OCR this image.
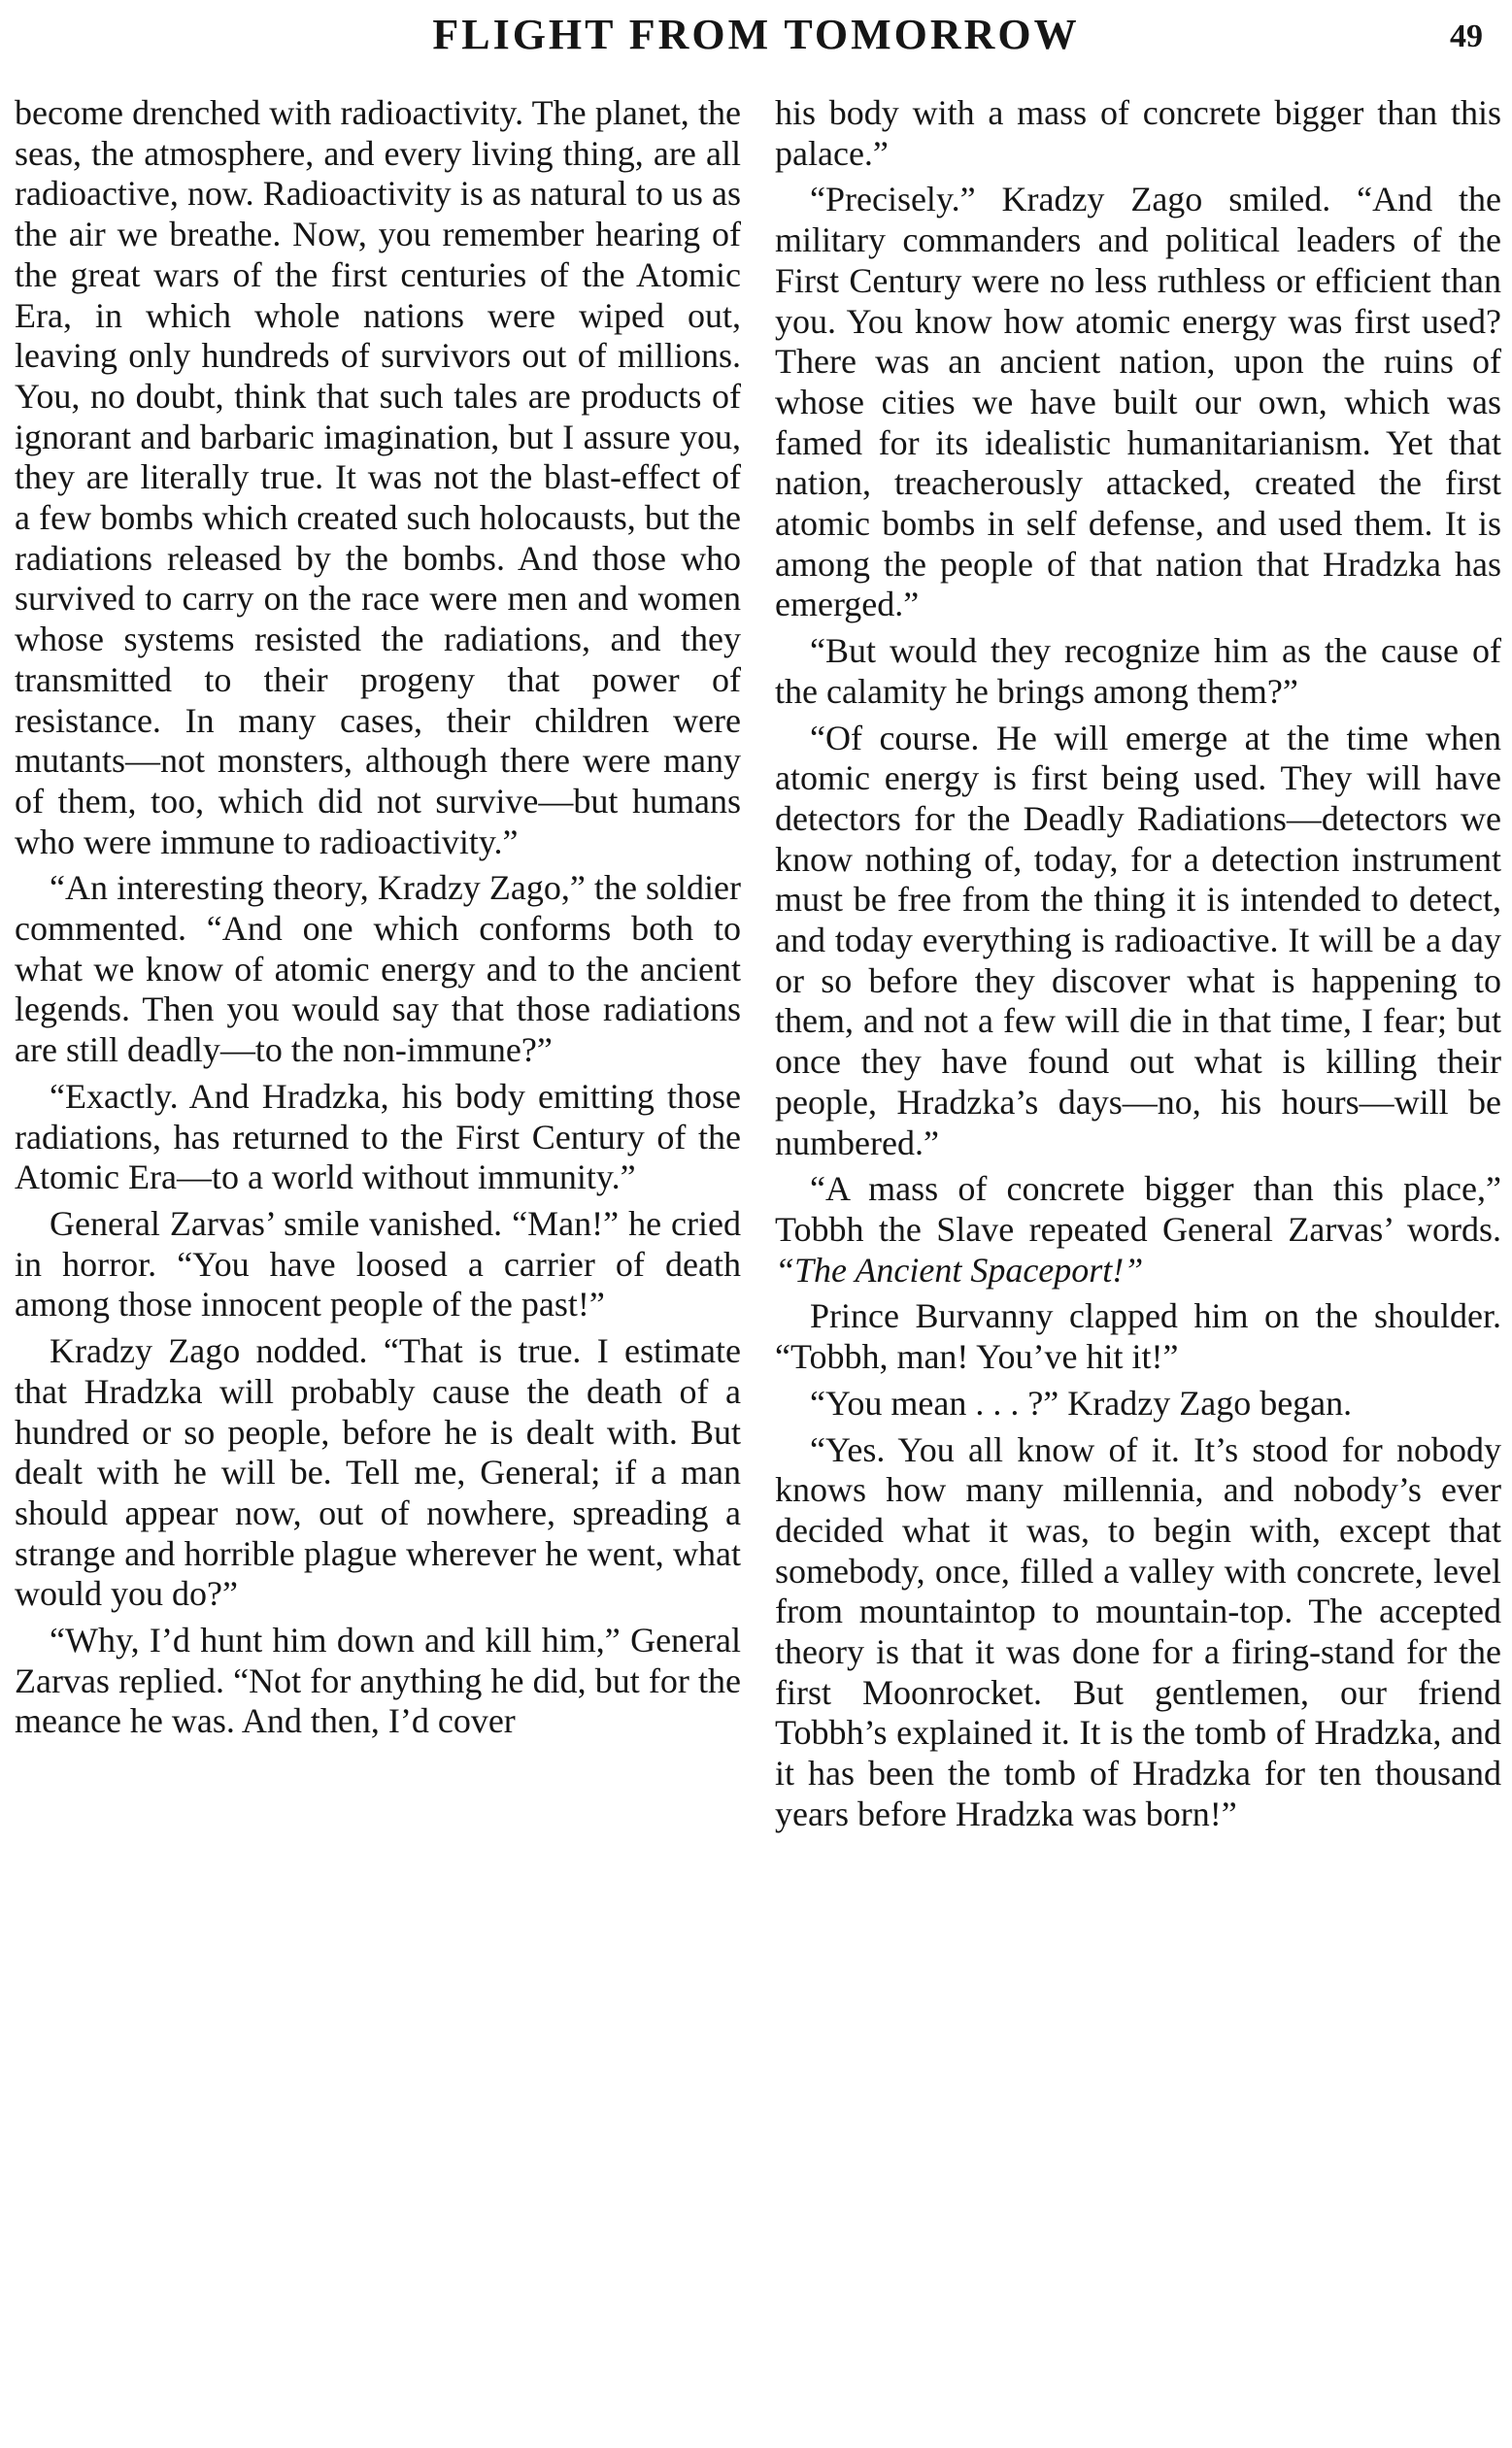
FLIGHT FROM TOMORROW	49

become drenched with radioactivity. The planet, the seas, the atmosphere, and every living thing, are all radioactive, now. Radioactivity is as natural to us as the air we breathe. Now, you remember hearing of the great wars of the first centuries of the Atomic Era, in which whole nations were wiped out, leaving only hundreds of survivors out of millions. You, no doubt, think that such tales are products of ignorant and barbaric imagination, but I assure you, they are literally true. It was not the blast-effect of a few bombs which created such holocausts, but the radiations released by the bombs. And those who survived to carry on the race were men and women whose systems resisted the radiations, and they transmitted to their progeny that power of resistance. In many cases, their children were mutants—not monsters, although there were many of them, too, which did not survive—but humans who were immune to radioactivity.”

“An interesting theory, Kradzy Zago,” the soldier commented. “And one which conforms both to what we know of atomic energy and to the ancient legends. Then you would say that those radiations are still deadly—to the non-immune?”

“Exactly. And Hradzka, his body emitting those radiations, has returned to the First Century of the Atomic Era—to a world without immunity.”

General Zarvas’ smile vanished. “Man!” he cried in horror. “You have loosed a carrier of death among those innocent people of the past!”

Kradzy Zago nodded. “That is true. I estimate that Hradzka will probably cause the death of a hundred or so people, before he is dealt with. But dealt with he will be. Tell me, General; if a man should appear now, out of nowhere, spreading a strange and horrible plague wherever he went, what would you do?”

“Why, I’d hunt him down and kill him,” General Zarvas replied. “Not for anything he did, but for the meance he was. And then, I’d cover

his body with a mass of concrete bigger than this palace.”

“Precisely.” Kradzy Zago smiled. “And the military commanders and political leaders of the First Century were no less ruthless or efficient than you. You know how atomic energy was first used? There was an ancient nation, upon the ruins of whose cities we have built our own, which was famed for its idealistic humanitarianism. Yet that nation, treacherously attacked, created the first atomic bombs in self defense, and used them. It is among the people of that nation that Hradzka has emerged.”

“But would they recognize him as the cause of the calamity he brings among them?”

“Of course. He will emerge at the time when atomic energy is first being used. They will have detectors for the Deadly Radiations—detectors we know nothing of, today, for a detection instrument must be free from the thing it is intended to detect, and today everything is radioactive. It will be a day or so before they discover what is happening to them, and not a few will die in that time, I fear; but once they have found out what is killing their people, Hradzka’s days—no, his hours—will be numbered.”

“A mass of concrete bigger than this place,” Tobbh the Slave repeated General Zarvas’ words. “The Ancient Spaceport!”

Prince Burvanny clapped him on the shoulder. “Tobbh, man! You’ve hit it!”

“You mean . . . ?” Kradzy Zago began.

“Yes. You all know of it. It’s stood for nobody knows how many millennia, and nobody’s ever decided what it was, to begin with, except that somebody, once, filled a valley with concrete, level from mountaintop to mountain-top. The accepted theory is that it was done for a firing-stand for the first Moonrocket. But gentlemen, our friend Tobbh’s explained it. It is the tomb of Hradzka, and it has been the tomb of Hradzka for ten thousand years before Hradzka was born!”
